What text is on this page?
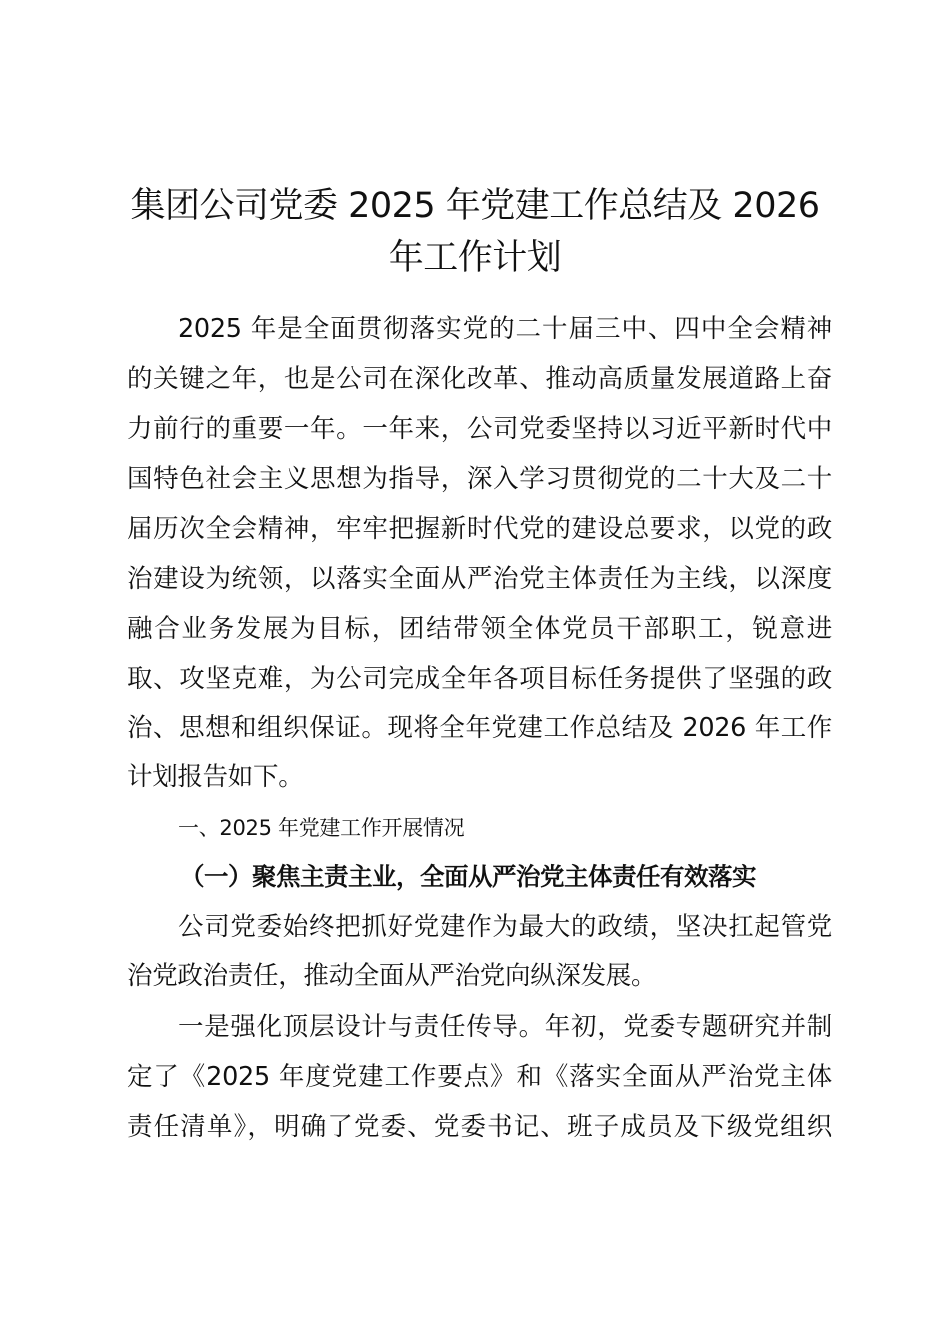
集团公司党委 2025 年党建工作总结及 2026
年工作计划
2025 年是全面贯彻落实党的二十届三中、四中全会精神
的关键之年，也是公司在深化改革、推动高质量发展道路上奋
力前行的重要一年。一年来，公司党委坚持以习近平新时代中
国特色社会主义思想为指导，深入学习贯彻党的二十大及二十
届历次全会精神，牢牢把握新时代党的建设总要求，以党的政
治建设为统领，以落实全面从严治党主体责任为主线，以深度
融合业务发展为目标，团结带领全体党员干部职工，锐意进
取、攻坚克难，为公司完成全年各项目标任务提供了坚强的政
治、思想和组织保证。现将全年党建工作总结及 2026 年工作
计划报告如下。
一、2025 年党建工作开展情况
（一）聚焦主责主业，全面从严治党主体责任有效落实
公司党委始终把抓好党建作为最大的政绩，坚决扛起管党
治党政治责任，推动全面从严治党向纵深发展。
一是强化顶层设计与责任传导。年初，党委专题研究并制
定了《2025 年度党建工作要点》和《落实全面从严治党主体
责任清单》，明确了党委、党委书记、班子成员及下级党组织
